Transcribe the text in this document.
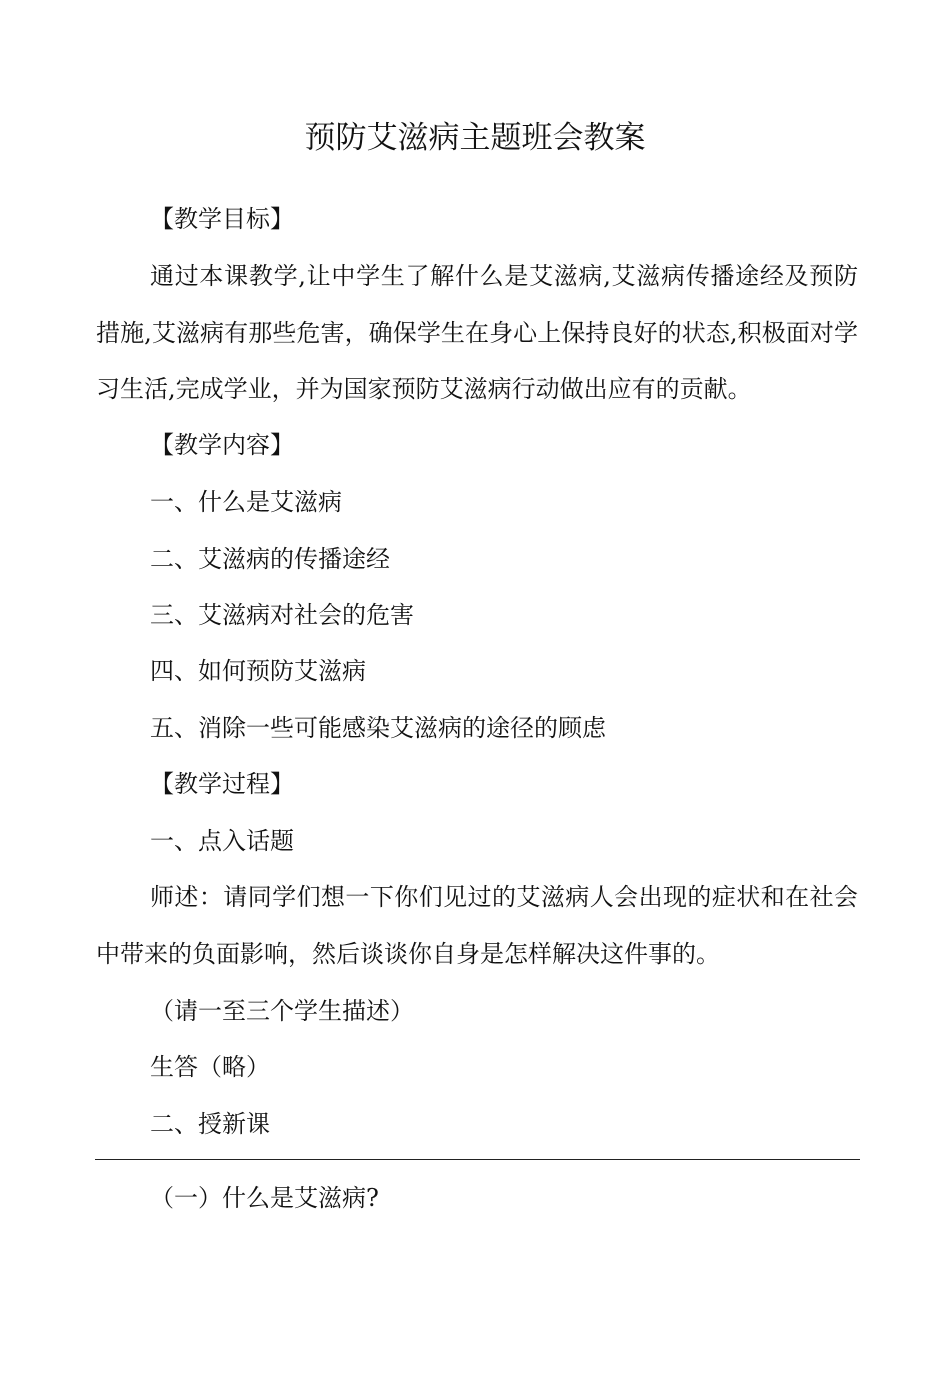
预防艾滋病主题班会教案
【教学目标】
通过本课教学,让中学生了解什么是艾滋病,艾滋病传播途经及预防措施,艾滋病有那些危害，确保学生在身心上保持良好的状态,积极面对学习生活,完成学业，并为国家预防艾滋病行动做出应有的贡献。
【教学内容】
一、什么是艾滋病
二、艾滋病的传播途经
三、艾滋病对社会的危害
四、如何预防艾滋病
五、消除一些可能感染艾滋病的途径的顾虑
【教学过程】
一、点入话题
师述：请同学们想一下你们见过的艾滋病人会出现的症状和在社会中带来的负面影响，然后谈谈你自身是怎样解决这件事的。
（请一至三个学生描述）
生答（略）
二、授新课
（一）什么是艾滋病?
